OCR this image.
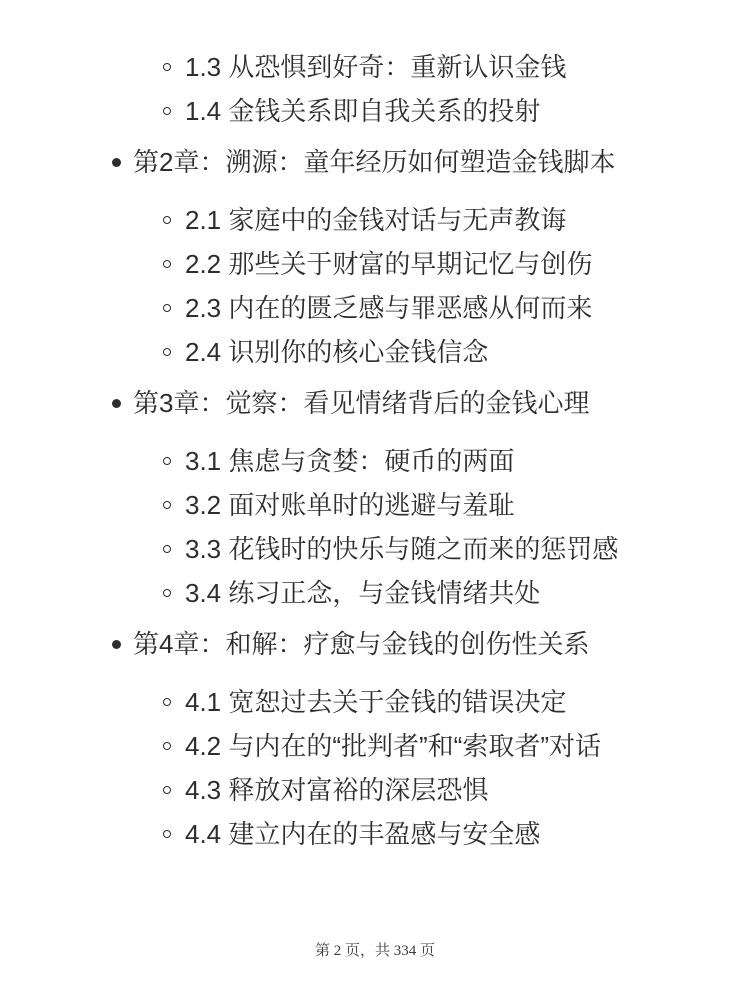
1.3 从恐惧到好奇：重新认识金钱
1.4 金钱关系即自我关系的投射
第2章：溯源：童年经历如何塑造金钱脚本
2.1 家庭中的金钱对话与无声教诲
2.2 那些关于财富的早期记忆与创伤
2.3 内在的匮乏感与罪恶感从何而来
2.4 识别你的核心金钱信念
第3章：觉察：看见情绪背后的金钱心理
3.1 焦虑与贪婪：硬币的两面
3.2 面对账单时的逃避与羞耻
3.3 花钱时的快乐与随之而来的惩罚感
3.4 练习正念，与金钱情绪共处
第4章：和解：疗愈与金钱的创伤性关系
4.1 宽恕过去关于金钱的错误决定
4.2 与内在的“批判者”和“索取者”对话
4.3 释放对富裕的深层恐惧
4.4 建立内在的丰盈感与安全感
第 2 页，共 334 页
